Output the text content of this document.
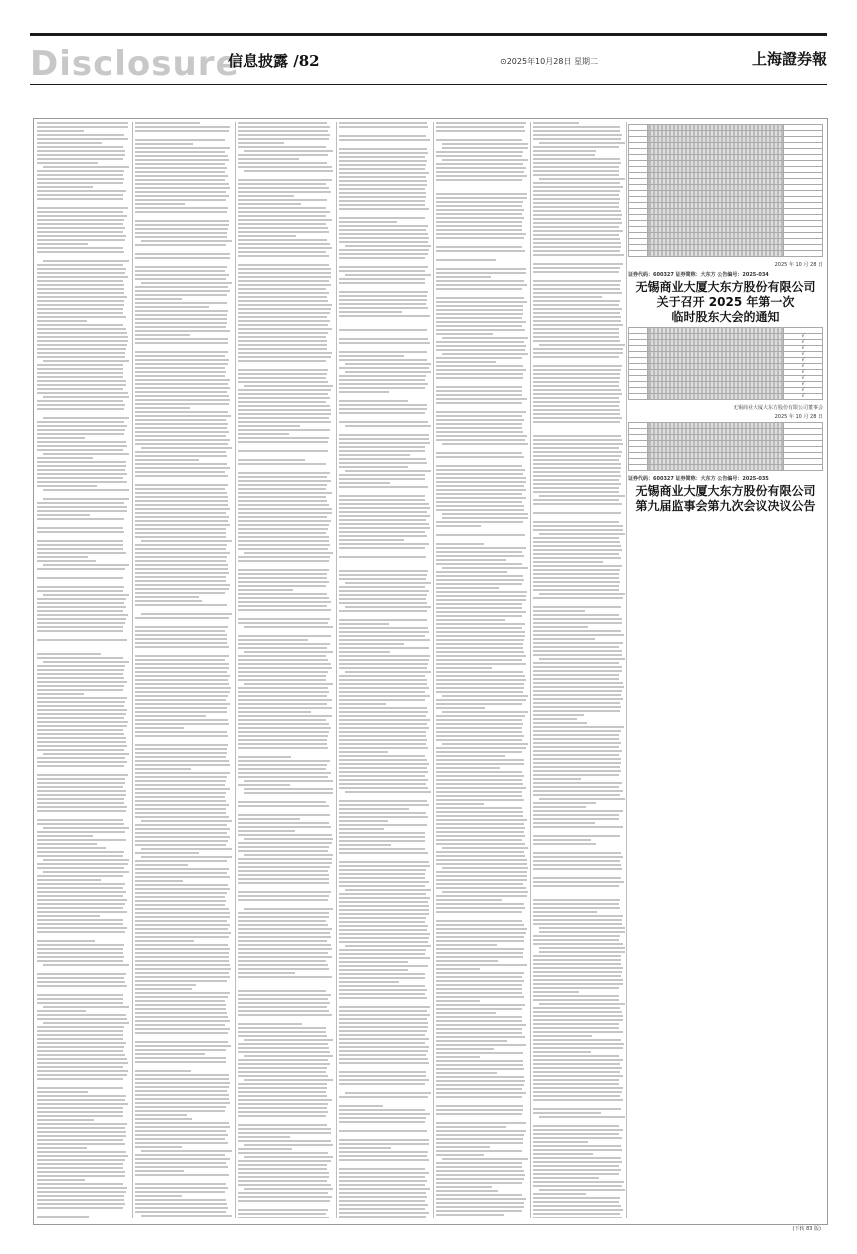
Disclosure
信息披露 /82	⊙2025年10月28日 星期二	上海證券報

2025 年 10 月 28 日
证券代码：600327 证券简称：大东方 公告编号：2025-034
无锡商业大厦大东方股份有限公司
关于召开 2025 年第一次
临时股东大会的通知

		√
		√
		√
		√
		√
		√
		√
		√
		√
		√
		√
无锡商业大厦大东方股份有限公司董事会
2025 年 10 月 28 日

证券代码：600327 证券简称：大东方 公告编号：2025-035
无锡商业大厦大东方股份有限公司
第九届监事会第九次会议决议公告
(下转 83 版)
